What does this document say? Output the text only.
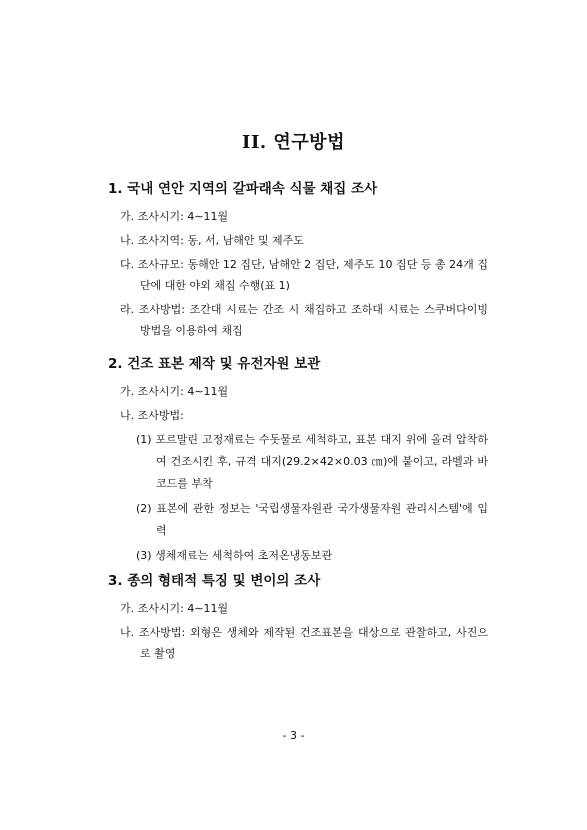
II. 연구방법
1. 국내 연안 지역의 갈파래속 식물 채집 조사
가. 조사시기: 4∼11월
나. 조사지역: 동, 서, 남해안 및 제주도
다. 조사규모: 동해안 12 집단, 남해안 2 집단, 제주도 10 집단 등 총 24개 집단에 대한 야외 채집 수행(표 1)
라. 조사방법: 조간대 시료는 간조 시 채집하고 조하대 시료는 스쿠버다이빙 방법을 이용하여 채집
2. 건조 표본 제작 및 유전자원 보관
가. 조사시기: 4∼11월
나. 조사방법:
(1) 포르말린 고정재료는 수돗물로 세척하고, 표본 대지 위에 올려 압착하여 건조시킨 후, 규격 대지(29.2×42×0.03 ㎝)에 붙이고, 라벨과 바코드를 부착
(2) 표본에 관한 정보는 '국립생물자원관 국가생물자원 관리시스템'에 입력
(3) 생체재료는 세척하여 초저온냉동보관
3. 종의 형태적 특징 및 변이의 조사
가. 조사시기: 4∼11월
나. 조사방법: 외형은 생체와 제작된 건조표본을 대상으로 관찰하고, 사진으로 촬영
- 3 -
